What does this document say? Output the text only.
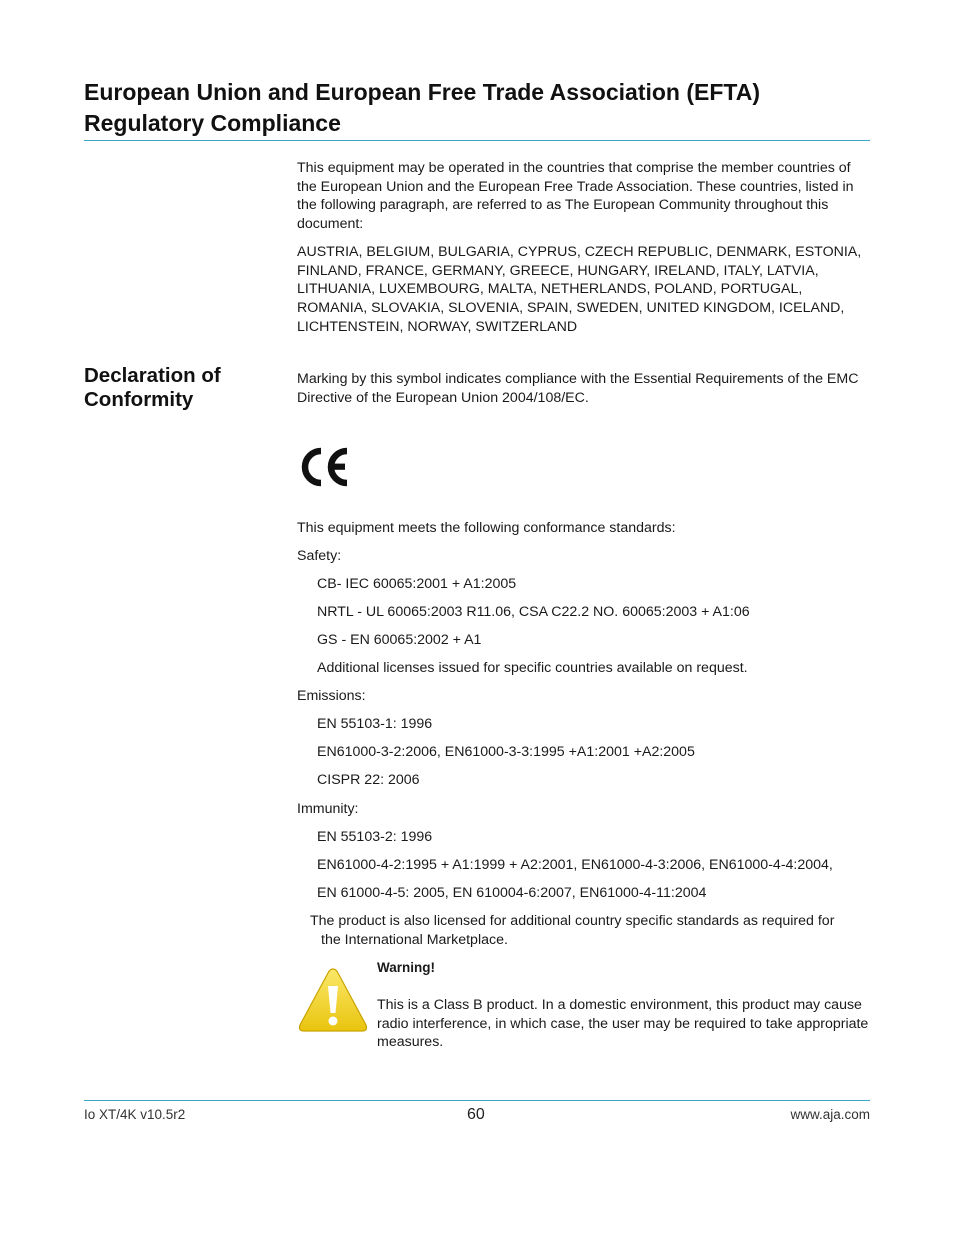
European Union and European Free Trade Association (EFTA)
Regulatory Compliance

This equipment may be operated in the countries that comprise the member countries of the European Union and the European Free Trade Association. These countries, listed in the following paragraph, are referred to as The European Community throughout this document:

AUSTRIA, BELGIUM, BULGARIA, CYPRUS, CZECH REPUBLIC, DENMARK, ESTONIA, FINLAND, FRANCE, GERMANY, GREECE, HUNGARY, IRELAND, ITALY, LATVIA, LITHUANIA, LUXEMBOURG, MALTA, NETHERLANDS, POLAND, PORTUGAL, ROMANIA, SLOVAKIA, SLOVENIA, SPAIN, SWEDEN, UNITED KINGDOM, ICELAND, LICHTENSTEIN, NORWAY, SWITZERLAND

Declaration of
Conformity

Marking by this symbol indicates compliance with the Essential Requirements of the EMC Directive of the European Union 2004/108/EC.

This equipment meets the following conformance standards:
Safety:
CB- IEC 60065:2001 + A1:2005
NRTL - UL 60065:2003 R11.06, CSA C22.2 NO. 60065:2003 + A1:06
GS - EN 60065:2002 + A1
Additional licenses issued for specific countries available on request.
Emissions:
EN 55103-1: 1996
EN61000-3-2:2006, EN61000-3-3:1995 +A1:2001 +A2:2005
CISPR 22: 2006
Immunity:
EN 55103-2: 1996
EN61000-4-2:1995 + A1:1999 + A2:2001, EN61000-4-3:2006, EN61000-4-4:2004,
EN 61000-4-5: 2005, EN 610004-6:2007, EN61000-4-11:2004
The product is also licensed for additional country specific standards as required for
the International Marketplace.
Warning!
This is a Class B product. In a domestic environment, this product may cause radio interference, in which case, the user may be required to take appropriate measures.
Io XT/4K v10.5r2	60	www.aja.com
